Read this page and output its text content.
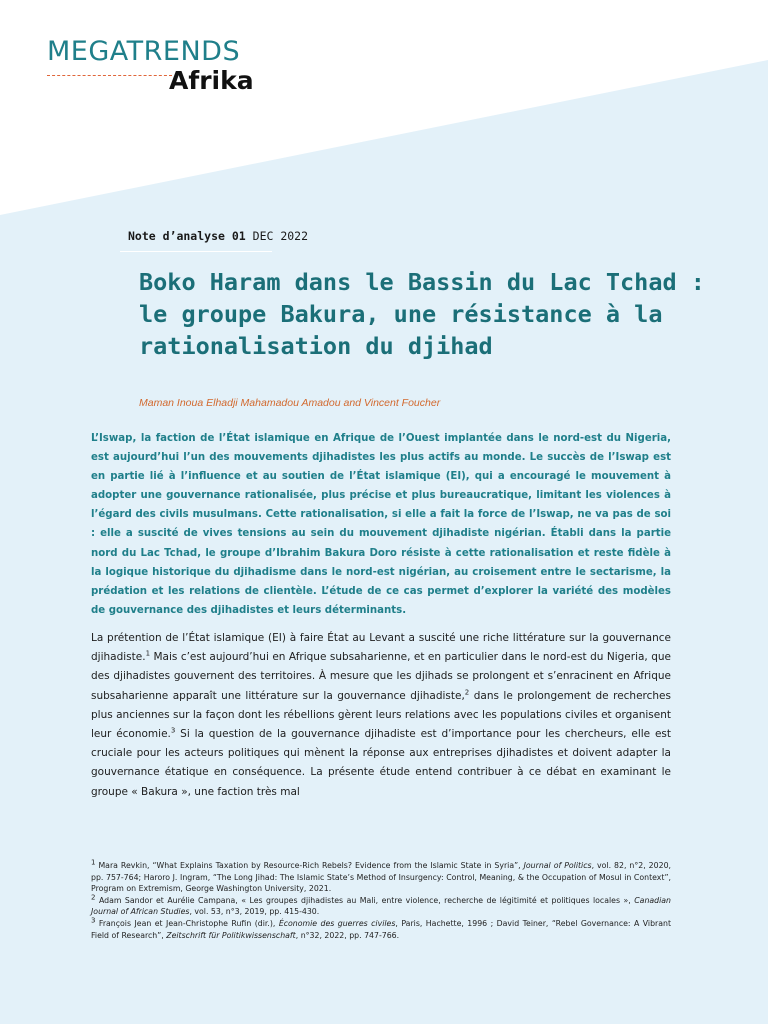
MEGATRENDS
Afrika
Note d’analyse 01 DEC 2022
Boko Haram dans le Bassin du Lac Tchad : le groupe Bakura, une résistance à la rationalisation du djihad
Maman Inoua Elhadji Mahamadou Amadou and Vincent Foucher

L’Iswap, la faction de l’État islamique en Afrique de l’Ouest implantée dans le nord-est du Nigeria, est aujourd’hui l’un des mouvements djihadistes les plus actifs au monde. Le succès de l’Iswap est en partie lié à l’influence et au soutien de l’État islamique (EI), qui a encouragé le mouvement à adopter une gouvernance rationalisée, plus précise et plus bureaucratique, limitant les violences à l’égard des civils musulmans. Cette rationalisation, si elle a fait la force de l’Iswap, ne va pas de soi : elle a suscité de vives tensions au sein du mouvement djihadiste nigérian. Établi dans la partie nord du Lac Tchad, le groupe d’Ibrahim Bakura Doro résiste à cette rationalisation et reste fidèle à la logique historique du djihadisme dans le nord-est nigérian, au croisement entre le sectarisme, la prédation et les relations de clientèle. L’étude de ce cas permet d’explorer la variété des modèles de gouvernance des djihadistes et leurs déterminants.

La prétention de l’État islamique (EI) à faire État au Levant a suscité une riche littérature sur la gouvernance djihadiste.$^1$ Mais c’est aujourd’hui en Afrique subsaharienne, et en particulier dans le nord-est du Nigeria, que des djihadistes gouvernent des territoires. À mesure que les djihads se prolongent et s’enracinent en Afrique subsaharienne apparaît une littérature sur la gouvernance djihadiste,$^2$ dans le prolongement de recherches plus anciennes sur la façon dont les rébellions gèrent leurs relations avec les populations civiles et organisent leur économie.$^3$ Si la question de la gouvernance djihadiste est d’importance pour les chercheurs, elle est cruciale pour les acteurs politiques qui mènent la réponse aux entreprises djihadistes et doivent adapter la gouvernance étatique en conséquence. La présente étude entend contribuer à ce débat en examinant le groupe « Bakura », une faction très mal

$^1$ Mara Revkin, “What Explains Taxation by Resource-Rich Rebels? Evidence from the Islamic State in Syria”, Journal of Politics, vol. 82, n°2, 2020, pp. 757-764; Haroro J. Ingram, “The Long Jihad: The Islamic State’s Method of Insurgency: Control, Meaning, & the Occupation of Mosul in Context”, Program on Extremism, George Washington University, 2021.

$^2$ Adam Sandor et Aurélie Campana, « Les groupes djihadistes au Mali, entre violence, recherche de légitimité et politiques locales », Canadian Journal of African Studies, vol. 53, n°3, 2019, pp. 415-430.

$^3$ François Jean et Jean-Christophe Rufin (dir.), Économie des guerres civiles, Paris, Hachette, 1996 ; David Teiner, “Rebel Governance: A Vibrant Field of Research”, Zeitschrift für Politikwissenschaft, n°32, 2022, pp. 747-766.
